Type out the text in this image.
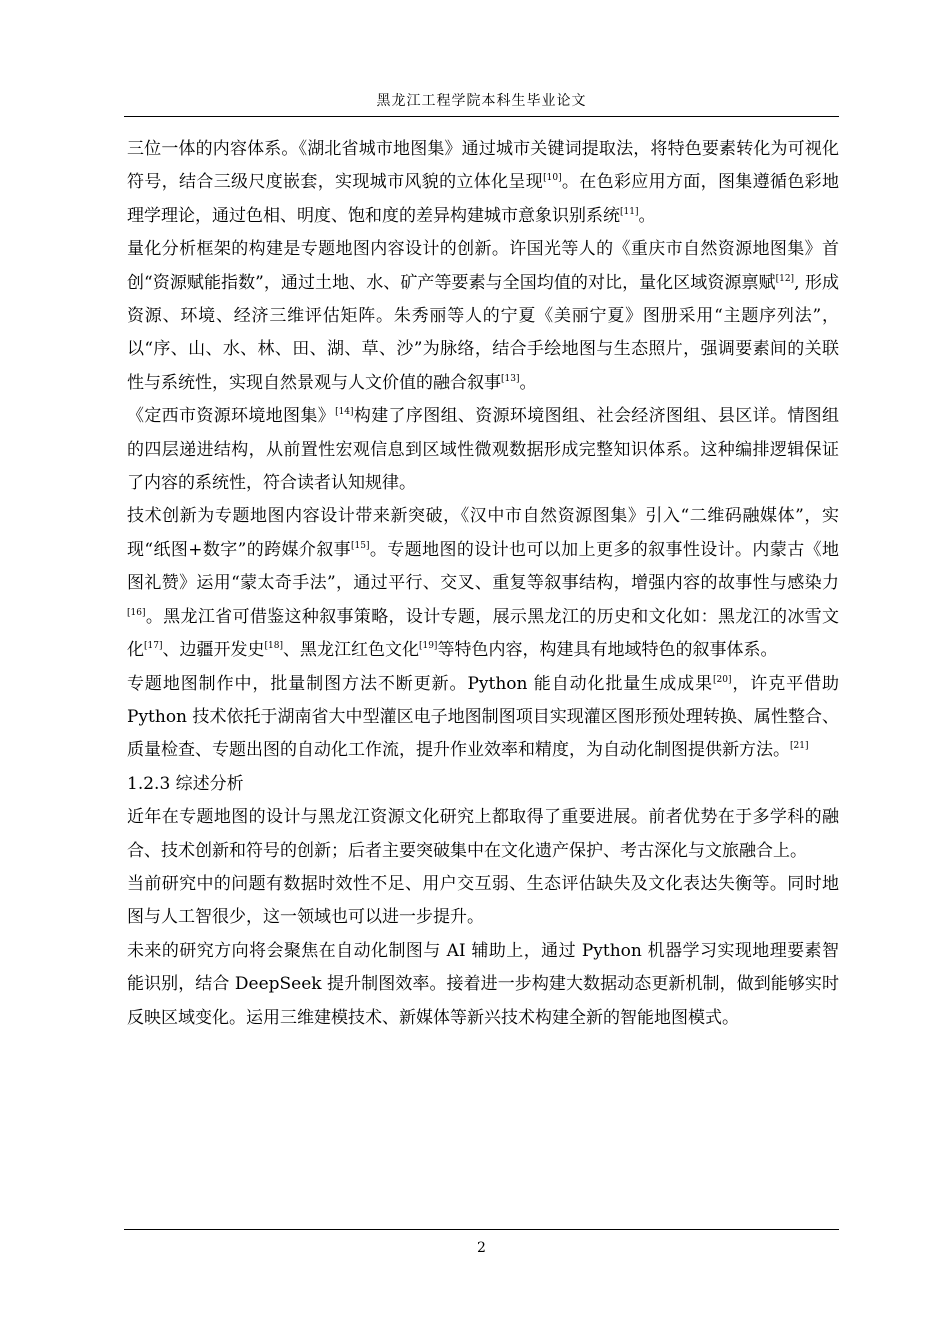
黑龙江工程学院本科生毕业论文

三位一体的内容体系。《湖北省城市地图集》通过城市关键词提取法，将特色要素转化为可视化符号，结合三级尺度嵌套，实现城市风貌的立体化呈现[10]。在色彩应用方面，图集遵循色彩地理学理论，通过色相、明度、饱和度的差异构建城市意象识别系统[11]。

量化分析框架的构建是专题地图内容设计的创新。许国光等人的《重庆市自然资源地图集》首创“资源赋能指数”，通过土地、水、矿产等要素与全国均值的对比，量化区域资源禀赋[12], 形成资源、环境、经济三维评估矩阵。朱秀丽等人的宁夏《美丽宁夏》图册采用“主题序列法”，以“序、山、水、林、田、湖、草、沙”为脉络，结合手绘地图与生态照片，强调要素间的关联性与系统性，实现自然景观与人文价值的融合叙事[13]。

《定西市资源环境地图集》[14]构建了序图组、资源环境图组、社会经济图组、县区详。情图组的四层递进结构，从前置性宏观信息到区域性微观数据形成完整知识体系。这种编排逻辑保证了内容的系统性，符合读者认知规律。

技术创新为专题地图内容设计带来新突破，《汉中市自然资源图集》引入“二维码融媒体”，实现“纸图+数字”的跨媒介叙事[15]。专题地图的设计也可以加上更多的叙事性设计。内蒙古《地图礼赞》运用“蒙太奇手法”，通过平行、交叉、重复等叙事结构，增强内容的故事性与感染力[16]。黑龙江省可借鉴这种叙事策略，设计专题，展示黑龙江的历史和文化如：黑龙江的冰雪文化[17]、边疆开发史[18]、黑龙江红色文化[19]等特色内容，构建具有地域特色的叙事体系。

专题地图制作中，批量制图方法不断更新。Python 能自动化批量生成成果[20]，许克平借助 Python 技术依托于湖南省大中型灌区电子地图制图项目实现灌区图形预处理转换、属性整合、质量检查、专题出图的自动化工作流，提升作业效率和精度，为自动化制图提供新方法。[21]

1.2.3 综述分析

近年在专题地图的设计与黑龙江资源文化研究上都取得了重要进展。前者优势在于多学科的融合、技术创新和符号的创新；后者主要突破集中在文化遗产保护、考古深化与文旅融合上。

当前研究中的问题有数据时效性不足、用户交互弱、生态评估缺失及文化表达失衡等。同时地图与人工智很少，这一领域也可以进一步提升。

未来的研究方向将会聚焦在自动化制图与 AI 辅助上，通过 Python 机器学习实现地理要素智能识别，结合 DeepSeek 提升制图效率。接着进一步构建大数据动态更新机制，做到能够实时反映区域变化。运用三维建模技术、新媒体等新兴技术构建全新的智能地图模式。

2
